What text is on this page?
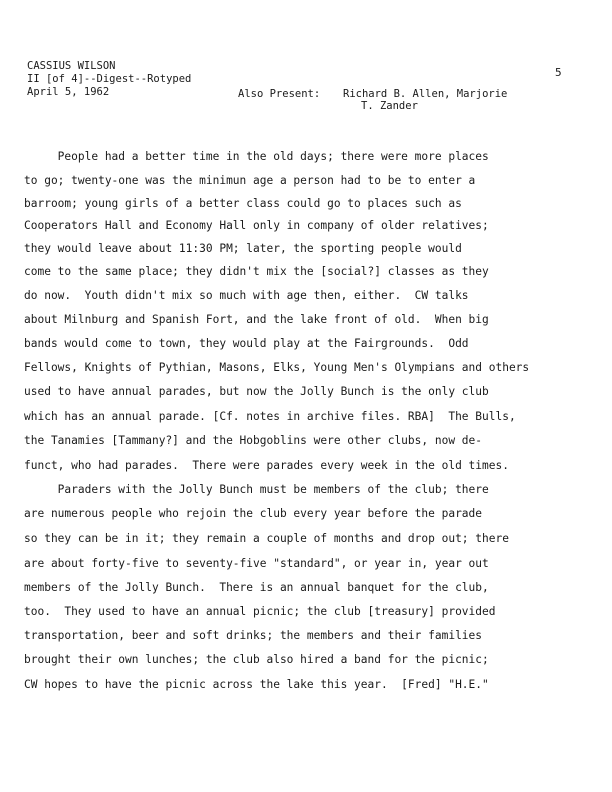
CASSIUS WILSON
II [of 4]--Digest--Rotyped
April 5, 1962	Also Present: Richard B. Allen, Marjorie
T. Zander
5
People had a better time in the old days; there were more places
to go; twenty-one was the minimun age a person had to be to enter a
barroom; young girls of a better class could go to places such as
Cooperators Hall and Economy Hall only in company of older relatives;
they would leave about 11:30 PM; later, the sporting people would
come to the same place; they didn't mix the [social?] classes as they
do now.  Youth didn't mix so much with age then, either.  CW talks
about Milnburg and Spanish Fort, and the lake front of old.  When big
bands would come to town, they would play at the Fairgrounds.  Odd
Fellows, Knights of Pythian, Masons, Elks, Young Men's Olympians and others
used to have annual parades, but now the Jolly Bunch is the only club
which has an annual parade. [Cf. notes in archive files. RBA]  The Bulls,
the Tanamies [Tammany?] and the Hobgoblins were other clubs, now de-
funct, who had parades.  There were parades every week in the old times.
Paraders with the Jolly Bunch must be members of the club; there
are numerous people who rejoin the club every year before the parade
so they can be in it; they remain a couple of months and drop out; there
are about forty-five to seventy-five "standard", or year in, year out
members of the Jolly Bunch.  There is an annual banquet for the club,
too.  They used to have an annual picnic; the club [treasury] provided
transportation, beer and soft drinks; the members and their families
brought their own lunches; the club also hired a band for the picnic;
CW hopes to have the picnic across the lake this year.  [Fred] "H.E."
